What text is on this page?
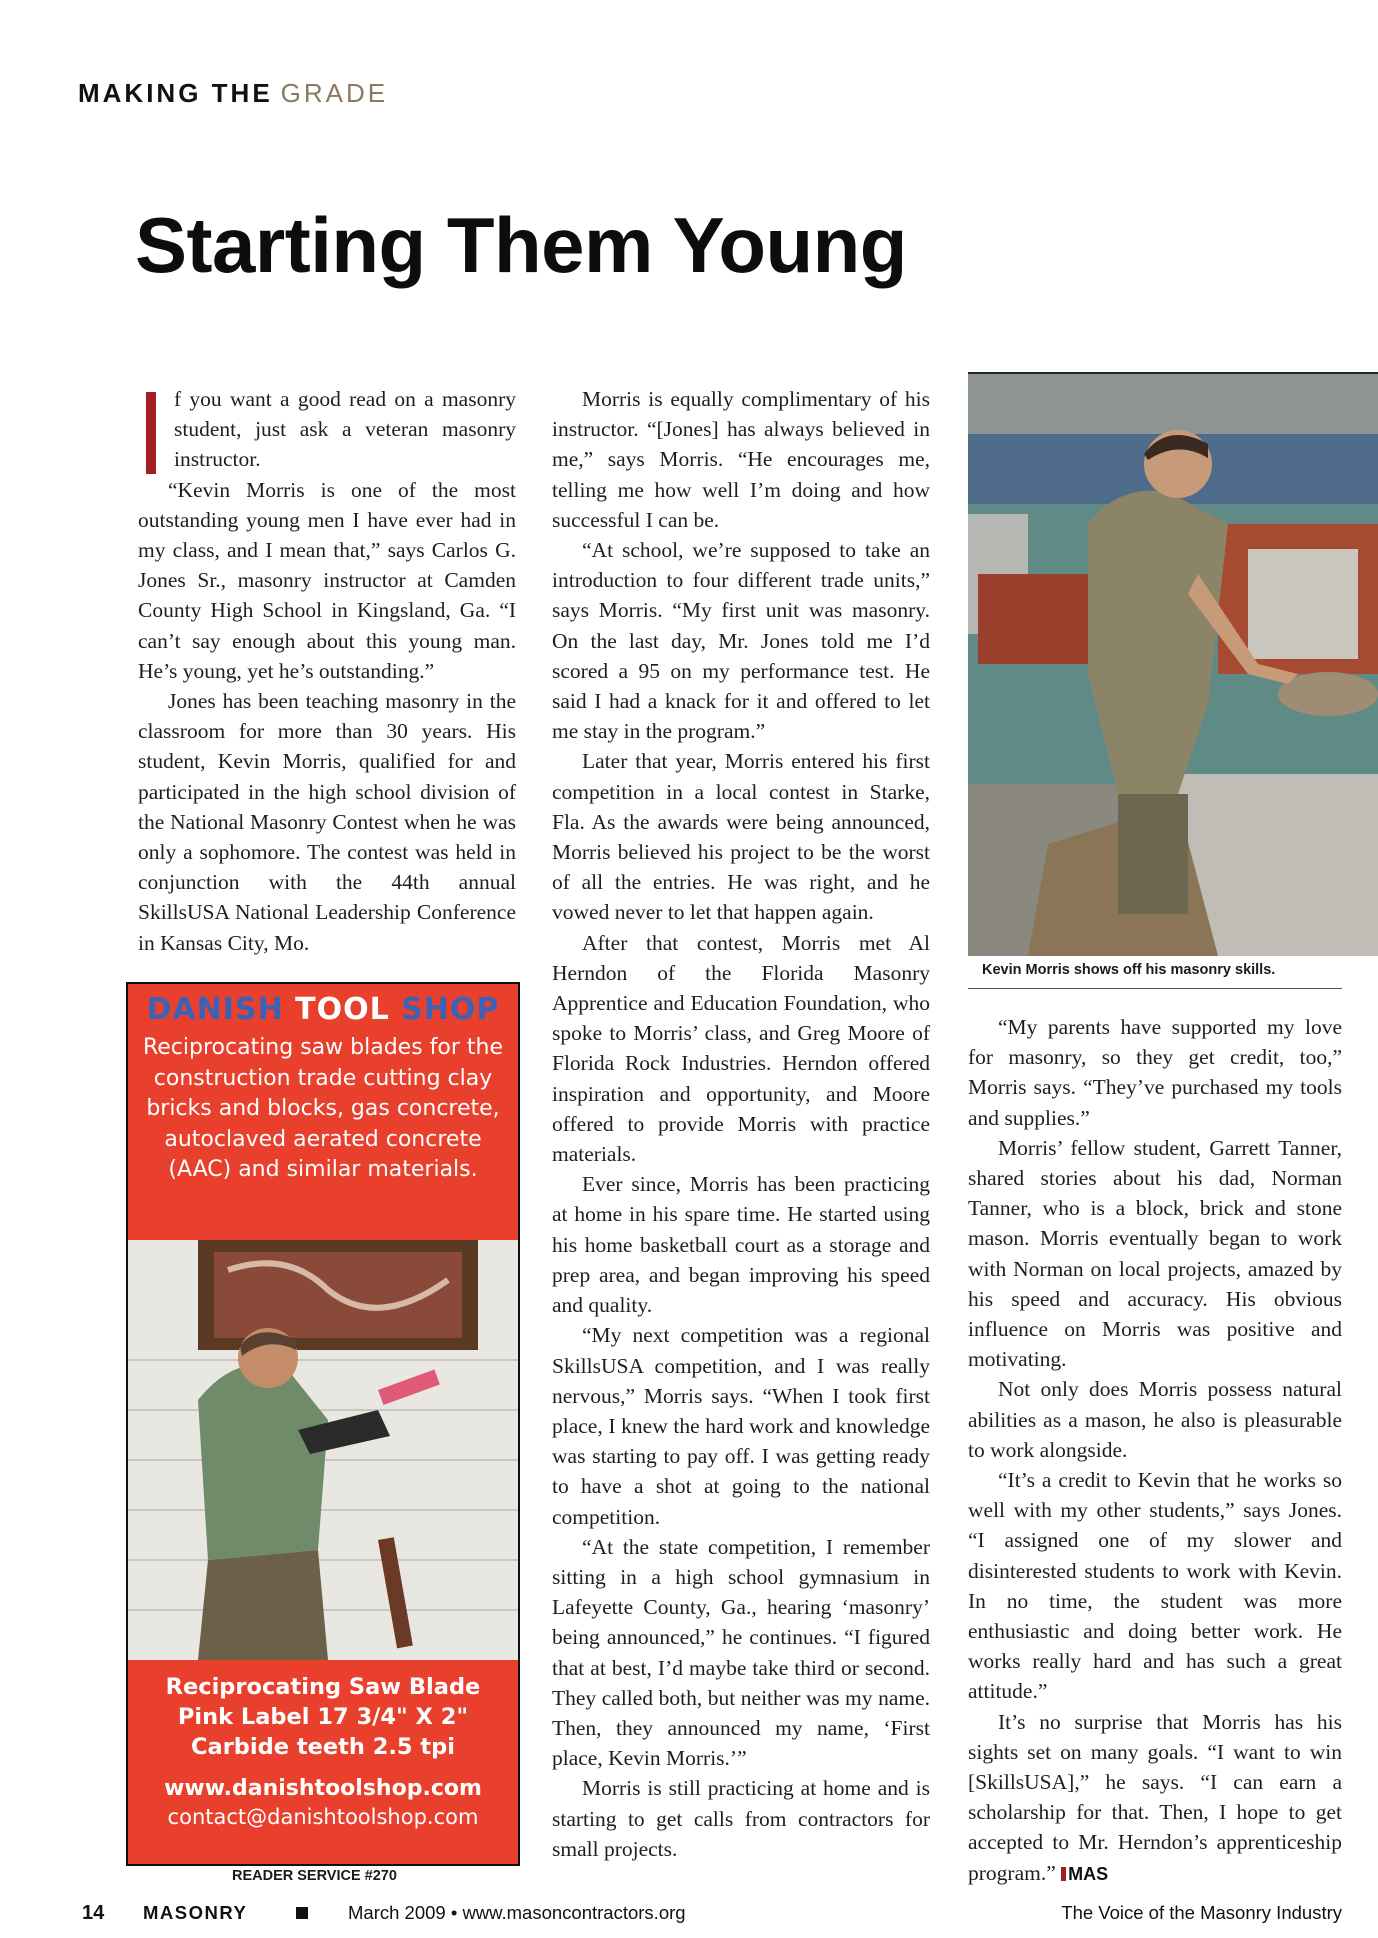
MAKING THE GRADE
Starting Them Young

f you want a good read on a masonry student, just ask a veteran masonry instructor.

“Kevin Morris is one of the most outstanding young men I have ever had in my class, and I mean that,” says Carlos G. Jones Sr., masonry instructor at Camden County High School in Kingsland, Ga. “I can’t say enough about this young man. He’s young, yet he’s outstanding.”

Jones has been teaching masonry in the classroom for more than 30 years. His student, Kevin Morris, qualified for and participated in the high school division of the National Masonry Contest when he was only a sophomore. The contest was held in conjunction with the 44th annual SkillsUSA National Leadership Conference in Kansas City, Mo.

Morris is equally complimentary of his instructor. “[Jones] has always believed in me,” says Morris. “He encourages me, telling me how well I’m doing and how successful I can be.

“At school, we’re supposed to take an introduction to four different trade units,” says Morris. “My first unit was masonry. On the last day, Mr. Jones told me I’d scored a 95 on my performance test. He said I had a knack for it and offered to let me stay in the program.”

Later that year, Morris entered his first competition in a local contest in Starke, Fla. As the awards were being announced, Morris believed his project to be the worst of all the entries. He was right, and he vowed never to let that happen again.

After that contest, Morris met Al Herndon of the Florida Masonry Apprentice and Education Foundation, who spoke to Morris’ class, and Greg Moore of Florida Rock Industries. Herndon offered inspiration and opportunity, and Moore offered to provide Morris with practice materials.

Ever since, Morris has been practicing at home in his spare time. He started using his home basketball court as a storage and prep area, and began improving his speed and quality.

“My next competition was a regional SkillsUSA competition, and I was really nervous,” Morris says. “When I took first place, I knew the hard work and knowledge was starting to pay off. I was getting ready to have a shot at going to the national competition.

“At the state competition, I remember sitting in a high school gymnasium in Lafeyette County, Ga., hearing ‘masonry’ being announced,” he continues. “I figured that at best, I’d maybe take third or second. They called both, but neither was my name. Then, they announced my name, ‘First place, Kevin Morris.’”

Morris is still practicing at home and is starting to get calls from contractors for small projects.

Kevin Morris shows off his masonry skills.

“My parents have supported my love for masonry, so they get credit, too,” Morris says. “They’ve purchased my tools and supplies.”

Morris’ fellow student, Garrett Tanner, shared stories about his dad, Norman Tanner, who is a block, brick and stone mason. Morris eventually began to work with Norman on local projects, amazed by his speed and accuracy. His obvious influence on Morris was positive and motivating.

Not only does Morris possess natural abilities as a mason, he also is pleasurable to work alongside.

“It’s a credit to Kevin that he works so well with my other students,” says Jones. “I assigned one of my slower and disinterested students to work with Kevin. In no time, the student was more enthusiastic and doing better work. He works really hard and has such a great attitude.”

It’s no surprise that Morris has his sights set on many goals. “I want to win [SkillsUSA],” he says. “I can earn a scholarship for that. Then, I hope to get accepted to Mr. Herndon’s apprenticeship program.” MAS

DANISH TOOL SHOP
Reciprocating saw blades for the construction trade cutting clay bricks and blocks, gas concrete, autoclaved aerated concrete (AAC) and similar materials.
Reciprocating Saw Blade
Pink Label 17 3/4" X 2"
Carbide teeth 2.5 tpi
www.danishtoolshop.com
contact@danishtoolshop.com
READER SERVICE #270
14 MASONRY	March 2009 • www.masoncontractors.org	The Voice of the Masonry Industry
